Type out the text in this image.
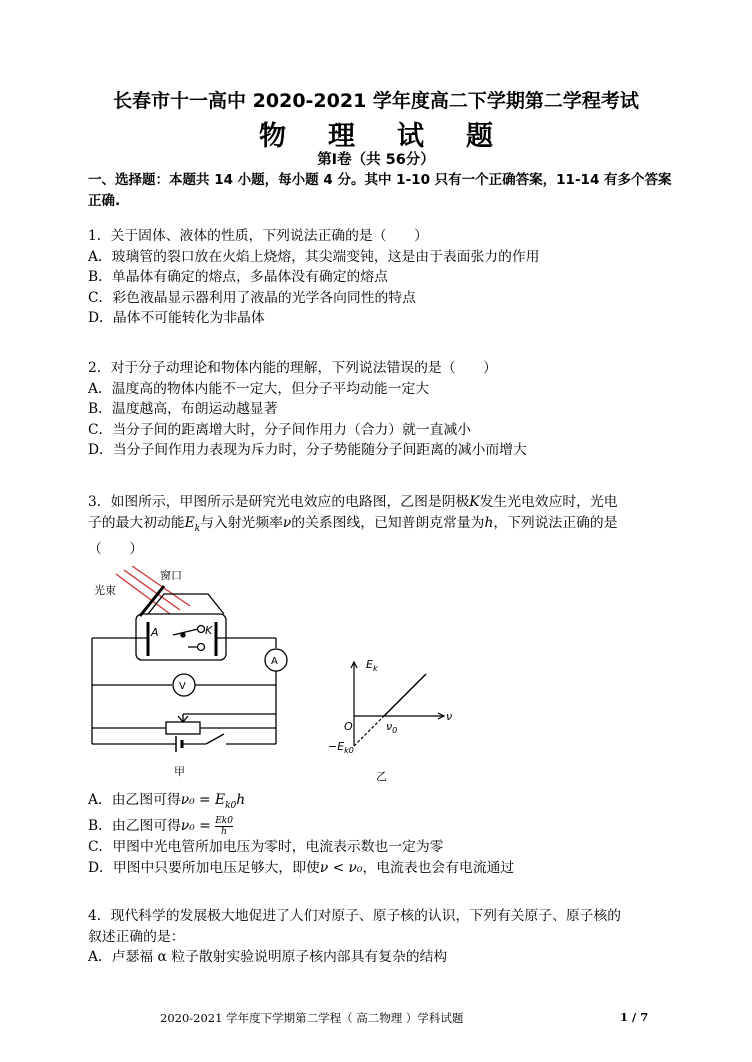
长春市十一高中 2020-2021 学年度高二下学期第二学程考试
物理试题
第Ⅰ卷（共 56分）
一、选择题：本题共 14 小题，每小题 4 分。其中 1-10 只有一个正确答案，11-14 有多个答案正确.

1．关于固体、液体的性质，下列说法正确的是（　　）

A．玻璃管的裂口放在火焰上烧熔，其尖端变钝，这是由于表面张力的作用

B．单晶体有确定的熔点，多晶体没有确定的熔点

C．彩色液晶显示器利用了液晶的光学各向同性的特点

D．晶体不可能转化为非晶体

2．对于分子动理论和物体内能的理解，下列说法错误的是（　　）

A．温度高的物体内能不一定大，但分子平均动能一定大

B．温度越高，布朗运动越显著

C．当分子间的距离增大时，分子间作用力（合力）就一直减小

D．当分子间作用力表现为斥力时，分子势能随分子间距离的减小而增大

3．如图所示，甲图所示是研究光电效应的电路图，乙图是阴极K发生光电效应时，光电

子的最大初动能$E_k$与入射光频率ν的关系图线，已知普朗克常量为h，下列说法正确的是

（　　）

光束
窗口
A	K
A
V
甲
$E_k$
ν
O	$\nu_0$
$-E_{k0}$
乙

A．由乙图可得$\nu_0 = E_{k0}h$

B．由乙图可得$\nu_0 = \frac{Ek0}{h}$

C．甲图中光电管所加电压为零时，电流表示数也一定为零

D．甲图中只要所加电压足够大，即使ν < ν₀，电流表也会有电流通过

4．现代科学的发展极大地促进了人们对原子、原子核的认识，下列有关原子、原子核的

叙述正确的是：

A．卢瑟福 α 粒子散射实验说明原子核内部具有复杂的结构

2020-2021 学年度下学期第二学程（ 高二物理 ）学科试题	1 / 7
